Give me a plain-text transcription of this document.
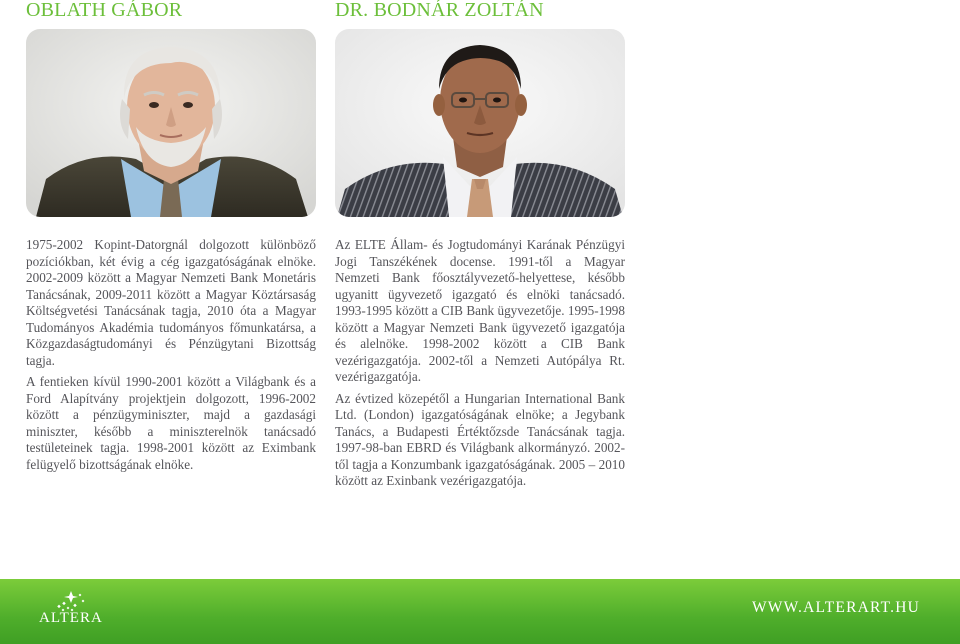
OBLATH GÁBOR

1975-2002 Kopint-Datorgnál dolgozott különböző pozíciókban, két évig a cég igazgatóságának elnöke. 2002-2009 között a Magyar Nemzeti Bank Monetáris Tanácsának, 2009-2011 között a Magyar Köztársaság Költségvetési Tanácsának tagja, 2010 óta a Magyar Tudományos Akadémia tudományos főmunkatársa, a Közgazdaságtudományi és Pénzügytani Bizottság tagja.

A fentieken kívül 1990-2001 között a Világbank és a Ford Alapítvány projektjein dolgozott, 1996-2002 között a pénzügyminiszter, majd a gazdasági miniszter, később a miniszterelnök tanácsadó testületeinek tagja. 1998-2001 között az Eximbank felügyelő bizottságának elnöke.

DR. BODNÁR ZOLTÁN

Az ELTE Állam- és Jogtudományi Karának Pénzügyi Jogi Tanszékének docense. 1991-től a Magyar Nemzeti Bank főosztályvezető-helyettese, később ugyanitt ügyvezető igazgató és elnöki tanácsadó. 1993-1995 között a CIB Bank ügyvezetője. 1995-1998 között a Magyar Nemzeti Bank ügyvezető igazgatója és alelnöke. 1998-2002 között a CIB Bank vezérigazgatója. 2002-től a Nemzeti Autópálya Rt. vezérigazgatója.

Az évtized közepétől a Hungarian International Bank Ltd. (London) igazgatóságának elnöke; a Jegybank Tanács, a Budapesti Értéktőzsde Tanácsának tagja. 1997-98-ban EBRD és Világbank alkormányzó. 2002-től tagja a Konzumbank igazgatóságának. 2005 – 2010 között az Exinbank vezérigazgatója.

ALTERA
WWW.ALTERART.HU
